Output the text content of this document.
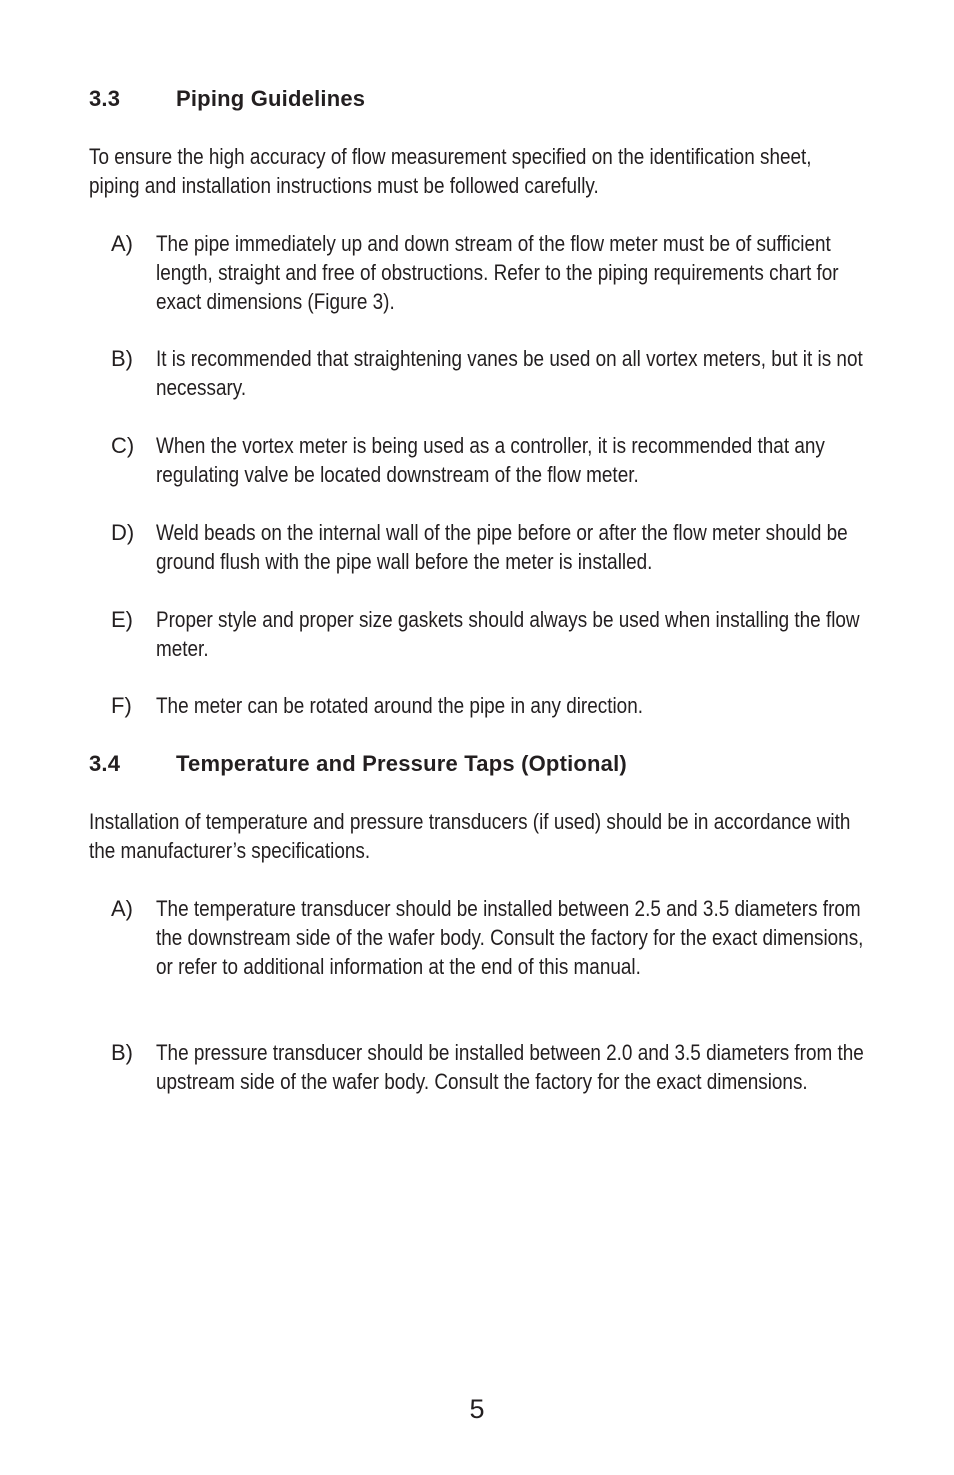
3.3	Piping Guidelines
To ensure the high accuracy of flow measurement specified on the identification sheet, piping and installation instructions must be followed carefully.
A)	The pipe immediately up and down stream of the flow meter must be of sufficient length, straight and free of obstructions. Refer to the piping requirements chart for exact dimensions (Figure 3).
B)	It is recommended that straightening vanes be used on all vortex meters, but it is not necessary.
C) When the vortex meter is being used as a controller, it is recommended that any regulating valve be located downstream of the flow meter.
D) Weld beads on the internal wall of the pipe before or after the flow meter should be ground flush with the pipe wall before the meter is installed.
E)	Proper style and proper size gaskets should always be used when installing the flow meter.
F)	The meter can be rotated around the pipe in any direction.
3.4	Temperature and Pressure Taps (Optional)
Installation of temperature and pressure transducers (if used) should be in accordance with the manufacturer’s specifications.
A)	The temperature transducer should be installed between 2.5 and 3.5 diameters from the downstream side of the wafer body. Consult the factory for the exact dimensions, or refer to additional information at the end of this manual.
B)	The pressure transducer should be installed between 2.0 and 3.5 diameters from the upstream side of the wafer body. Consult the factory for the exact dimensions.
5
